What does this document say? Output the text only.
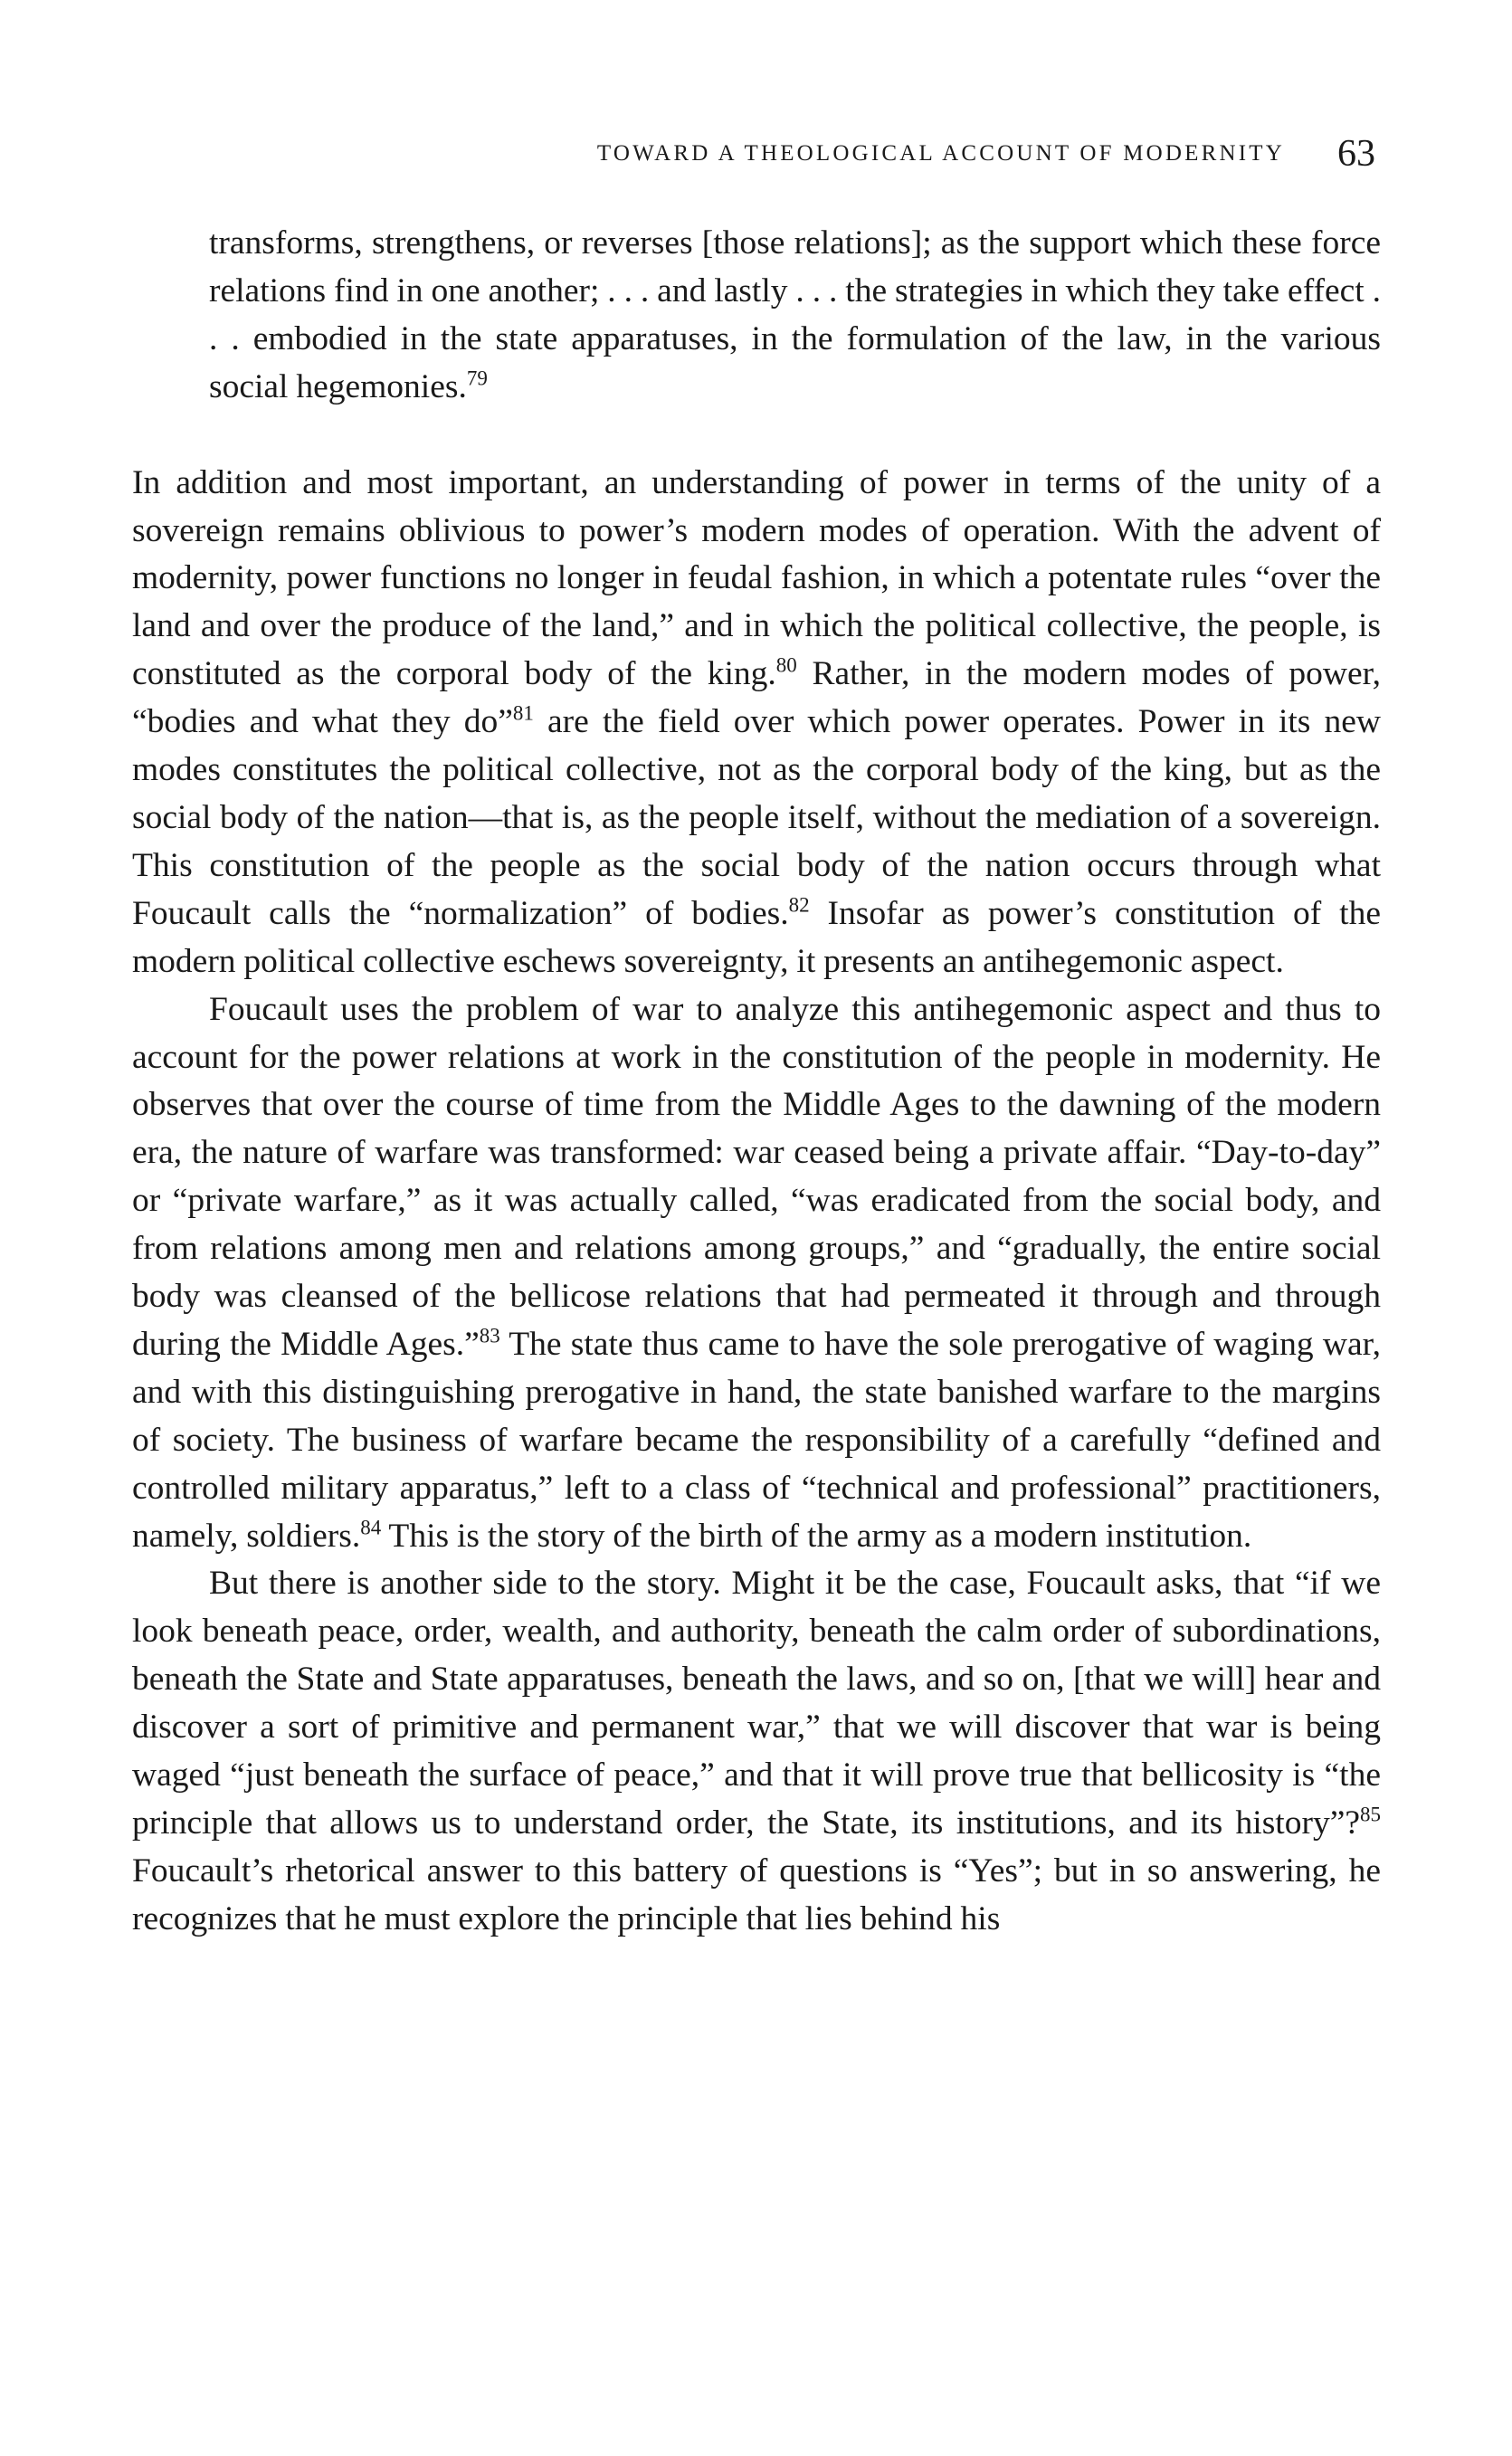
TOWARD A THEOLOGICAL ACCOUNT OF MODERNITY 63

transforms, strengthens, or reverses [those relations]; as the support which these force relations find in one another; . . . and lastly . . . the strategies in which they take effect . . . embodied in the state apparatuses, in the formulation of the law, in the various social hegemonies.$^{79}$

In addition and most important, an understanding of power in terms of the unity of a sovereign remains oblivious to power’s modern modes of operation. With the advent of modernity, power functions no longer in feudal fashion, in which a potentate rules “over the land and over the produce of the land,” and in which the political collective, the people, is constituted as the corporal body of the king.$^{80}$ Rather, in the modern modes of power, “bodies and what they do”$^{81}$ are the field over which power operates. Power in its new modes constitutes the political collective, not as the corporal body of the king, but as the social body of the nation—that is, as the people itself, without the mediation of a sovereign. This constitution of the people as the social body of the nation occurs through what Foucault calls the “normalization” of bodies.$^{82}$ Insofar as power’s constitution of the modern political collective eschews sovereignty, it presents an antihegemonic aspect.

Foucault uses the problem of war to analyze this antihegemonic aspect and thus to account for the power relations at work in the constitution of the people in modernity. He observes that over the course of time from the Middle Ages to the dawning of the modern era, the nature of warfare was transformed: war ceased being a private affair. “Day-to-day” or “private warfare,” as it was actually called, “was eradicated from the social body, and from relations among men and relations among groups,” and “gradually, the entire social body was cleansed of the bellicose relations that had permeated it through and through during the Middle Ages.”$^{83}$ The state thus came to have the sole prerogative of waging war, and with this distinguishing prerogative in hand, the state banished warfare to the margins of society. The business of warfare became the responsibility of a carefully “defined and controlled military apparatus,” left to a class of “technical and professional” practitioners, namely, soldiers.$^{84}$ This is the story of the birth of the army as a modern institution.

But there is another side to the story. Might it be the case, Foucault asks, that “if we look beneath peace, order, wealth, and authority, beneath the calm order of subordinations, beneath the State and State apparatuses, beneath the laws, and so on, [that we will] hear and discover a sort of primitive and permanent war,” that we will discover that war is being waged “just beneath the surface of peace,” and that it will prove true that bellicosity is “the principle that allows us to understand order, the State, its institutions, and its history”?$^{85}$ Foucault’s rhetorical answer to this battery of questions is “Yes”; but in so answering, he recognizes that he must explore the principle that lies behind his
